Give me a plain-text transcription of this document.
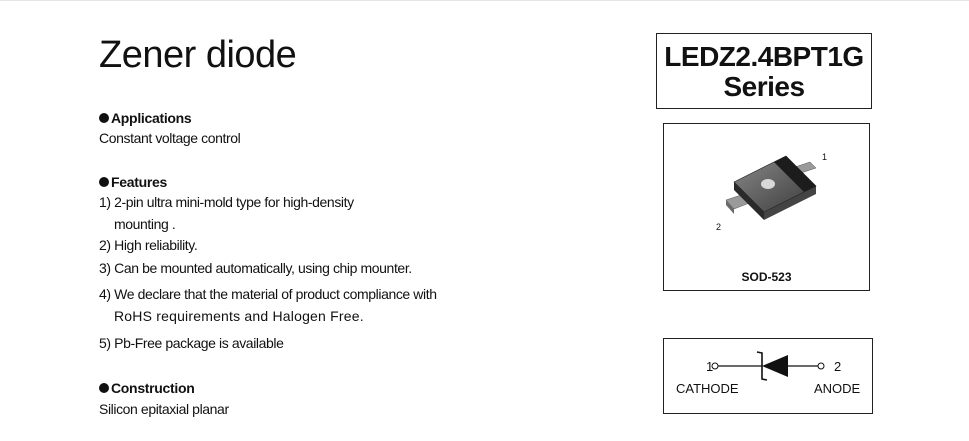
Zener diode
Applications
Constant voltage control
Features
1) 2-pin ultra mini-mold type for high-density
mounting .
2) High reliability.
3) Can be mounted automatically, using chip mounter.
4) We declare that the material of product compliance with
RoHS requirements and Halogen Free.
5) Pb-Free package is available
Construction
Silicon epitaxial planar
LEDZ2.4BPT1G
Series
1
2
SOD-523
1	2
CATHODE	ANODE
